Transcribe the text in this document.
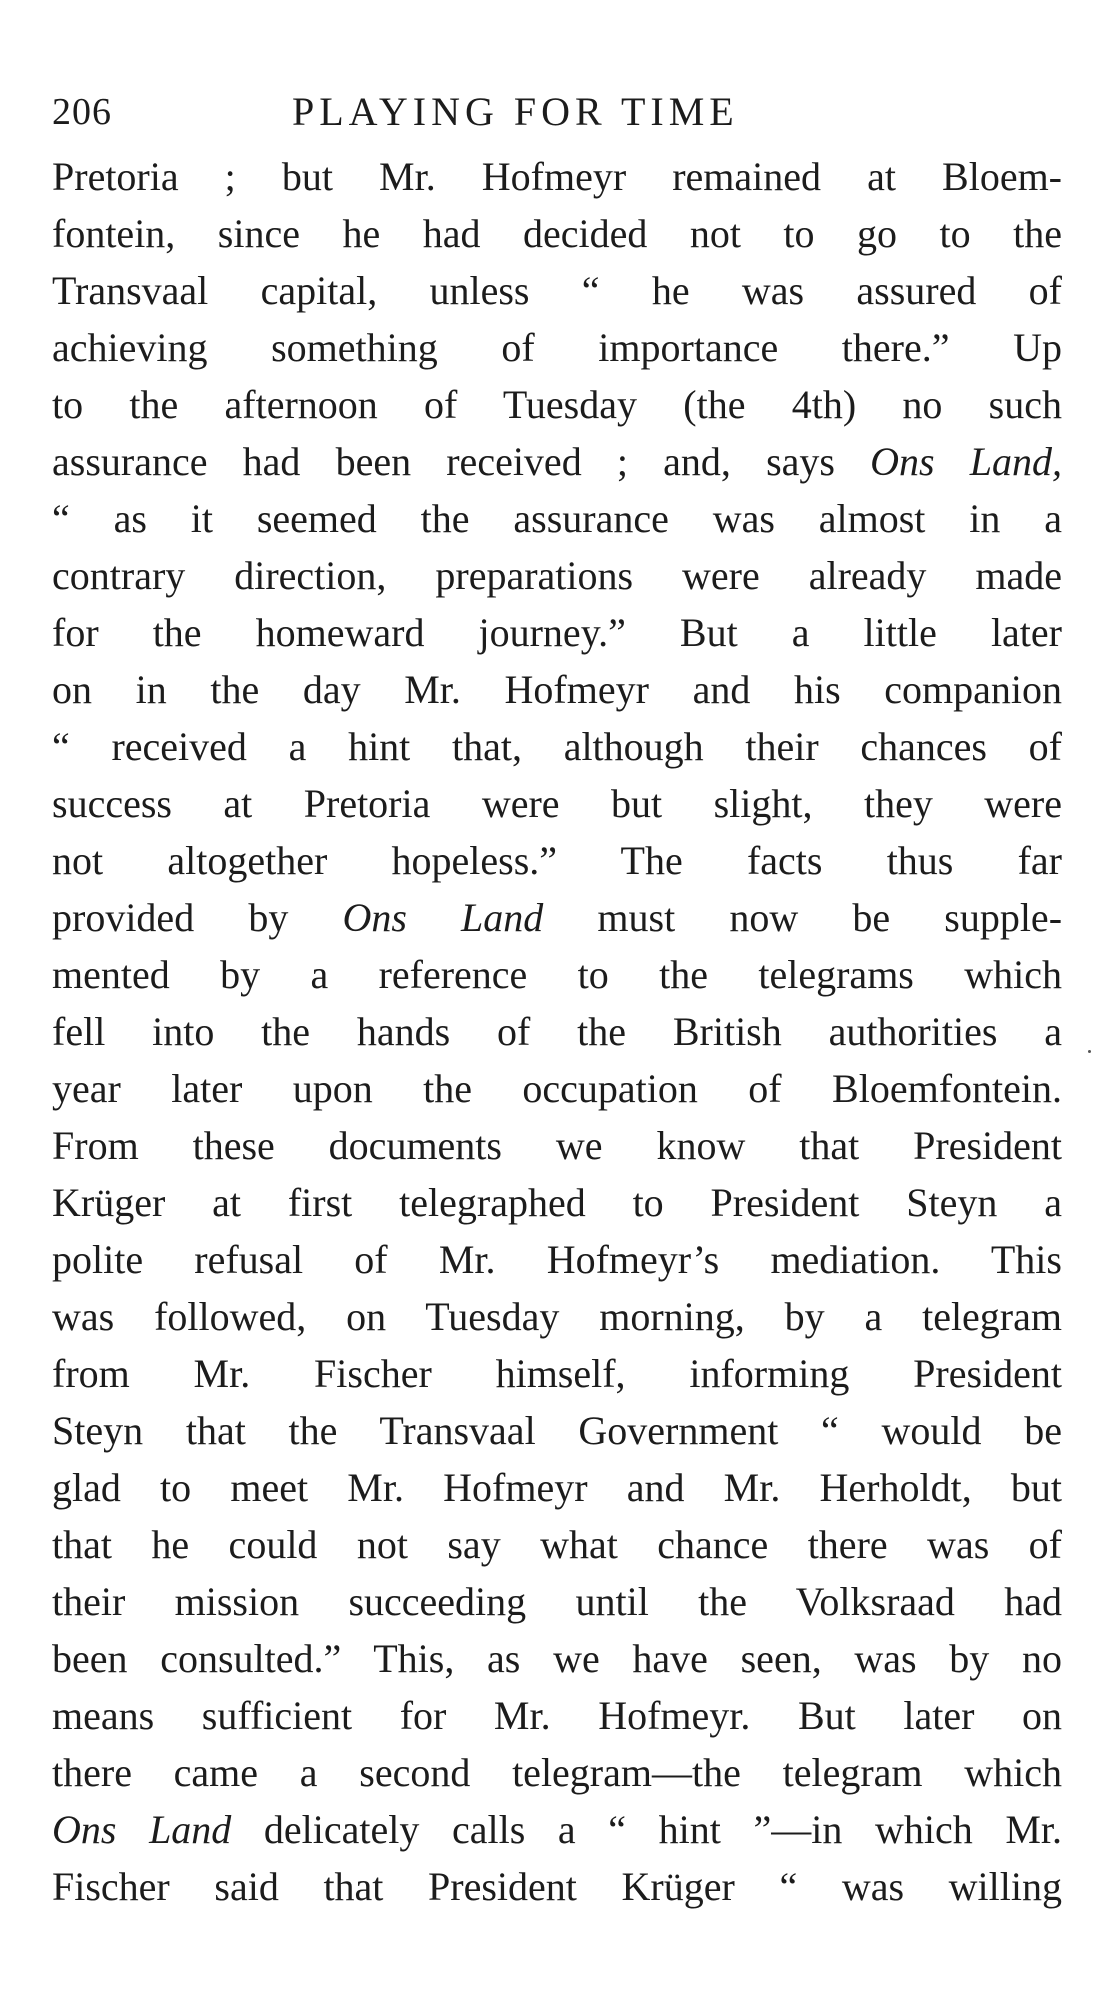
206	PLAYING FOR TIME
Pretoria ; but Mr. Hofmeyr remained at Bloem-
fontein, since he had decided not to go to the
Transvaal capital, unless “ he was assured of
achieving something of importance there.” Up
to the afternoon of Tuesday (the 4th) no such
assurance had been received ; and, says Ons Land,
“ as it seemed the assurance was almost in a
contrary direction, preparations were already made
for the homeward journey.” But a little later
on in the day Mr. Hofmeyr and his companion
“ received a hint that, although their chances of
success at Pretoria were but slight, they were
not altogether hopeless.” The facts thus far
provided by Ons Land must now be supple-
mented by a reference to the telegrams which
fell into the hands of the British authorities a
year later upon the occupation of Bloemfontein.
From these documents we know that President
Krüger at first telegraphed to President Steyn a
polite refusal of Mr. Hofmeyr’s mediation. This
was followed, on Tuesday morning, by a telegram
from Mr. Fischer himself, informing President
Steyn that the Transvaal Government “ would be
glad to meet Mr. Hofmeyr and Mr. Herholdt, but
that he could not say what chance there was of
their mission succeeding until the Volksraad had
been consulted.” This, as we have seen, was by no
means sufficient for Mr. Hofmeyr. But later on
there came a second telegram—the telegram which
Ons Land delicately calls a “ hint ”—in which Mr.
Fischer said that President Krüger “ was willing
